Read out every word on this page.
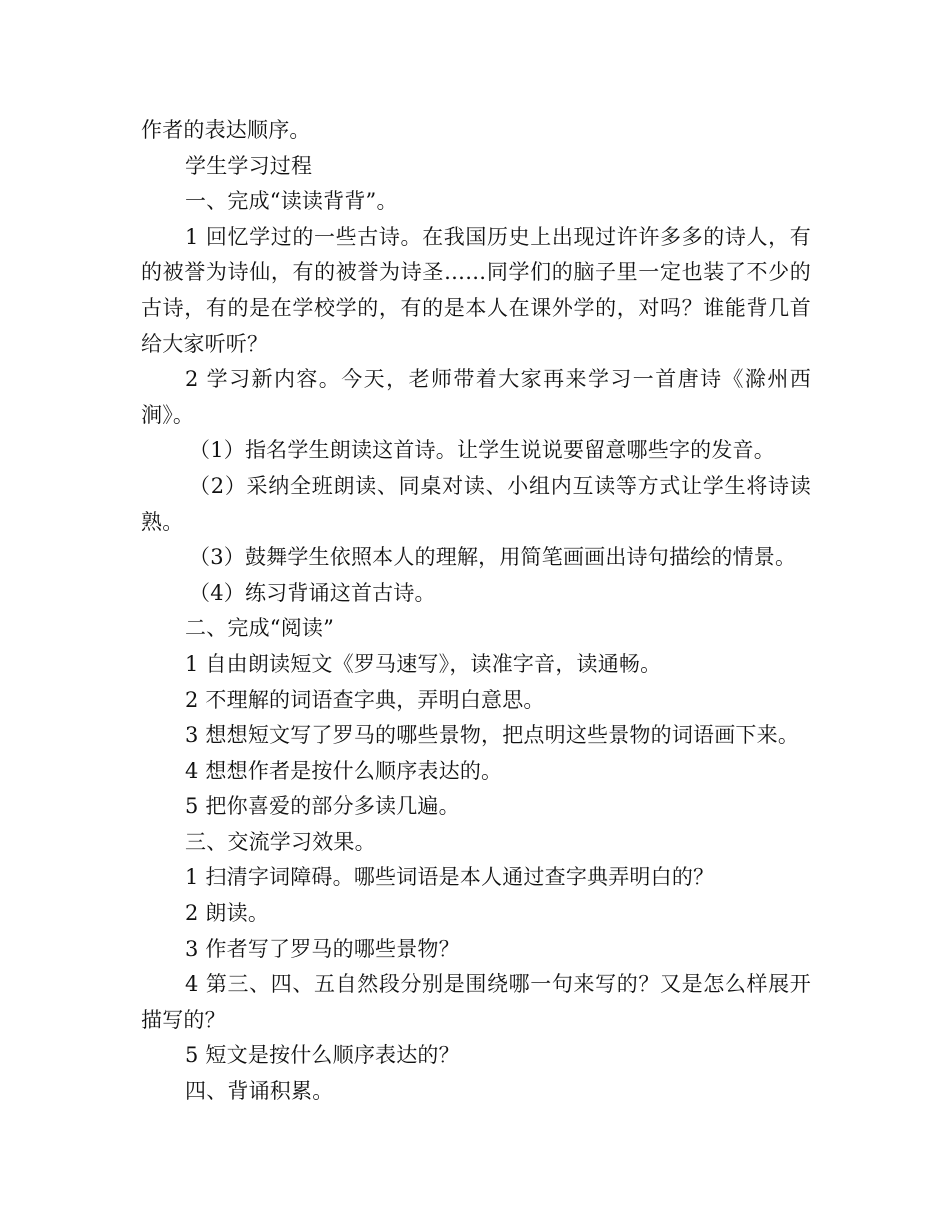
作者的表达顺序。
学生学习过程
一、完成“读读背背”。
1 回忆学过的一些古诗。在我国历史上出现过许许多多的诗人，有的被誉为诗仙，有的被誉为诗圣……同学们的脑子里一定也装了不少的古诗，有的是在学校学的，有的是本人在课外学的，对吗？谁能背几首给大家听听？
2 学习新内容。今天，老师带着大家再来学习一首唐诗《滁州西涧》。
（1）指名学生朗读这首诗。让学生说说要留意哪些字的发音。
（2）采纳全班朗读、同桌对读、小组内互读等方式让学生将诗读熟。
（3）鼓舞学生依照本人的理解，用简笔画画出诗句描绘的情景。
（4）练习背诵这首古诗。
二、完成“阅读”
1 自由朗读短文《罗马速写》，读准字音，读通畅。
2 不理解的词语查字典，弄明白意思。
3 想想短文写了罗马的哪些景物，把点明这些景物的词语画下来。
4 想想作者是按什么顺序表达的。
5 把你喜爱的部分多读几遍。
三、交流学习效果。
1 扫清字词障碍。哪些词语是本人通过查字典弄明白的？
2 朗读。
3 作者写了罗马的哪些景物？
4 第三、四、五自然段分别是围绕哪一句来写的？又是怎么样展开描写的？
5 短文是按什么顺序表达的？
四、背诵积累。
